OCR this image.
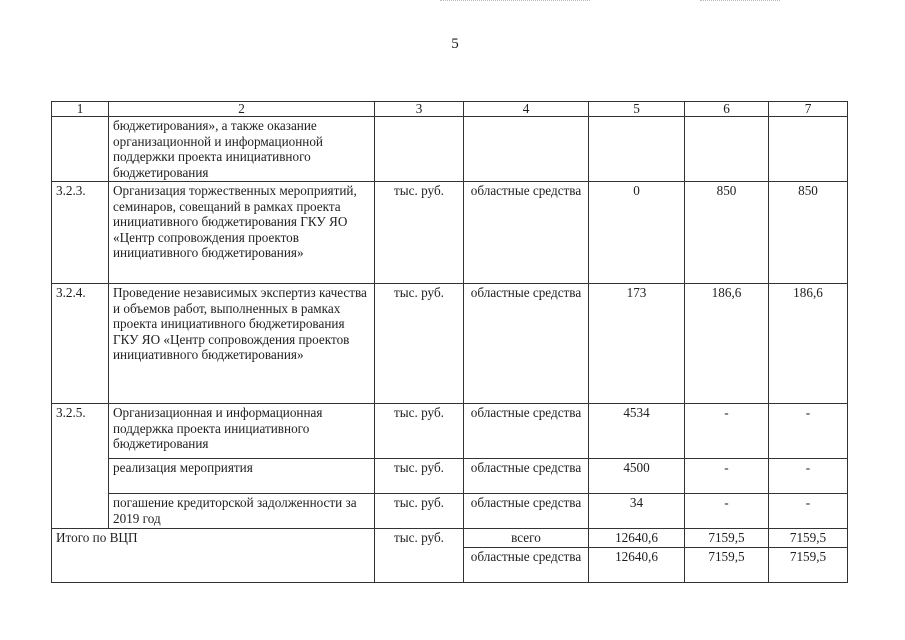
5
1	2	3	4	5	6	7
	бюджетирования», а также оказание организационной и информационной поддержки проекта инициативного бюджетирования					
3.2.3.	Организация торжественных мероприятий, семинаров, совещаний в рамках проекта инициативного бюджетирования ГКУ ЯО «Центр сопровождения проектов инициативного бюджетирования»	тыс. руб.	областные средства	0	850	850
3.2.4.	Проведение независимых экспертиз качества и объемов работ, выполненных в рамках проекта инициативного бюджетирования ГКУ ЯО «Центр сопровождения проектов инициативного бюджетирования»	тыс. руб.	областные средства	173	186,6	186,6
3.2.5.	Организационная и информационная поддержка проекта инициативного бюджетирования	тыс. руб.	областные средства	4534	-	-
	реализация мероприятия	тыс. руб.	областные средства	4500	-	-
	погашение кредиторской задолженности за 2019 год	тыс. руб.	областные средства	34	-	-
Итого по ВЦП		тыс. руб.	всего	12640,6	7159,5	7159,5
			областные средства	12640,6	7159,5	7159,5
